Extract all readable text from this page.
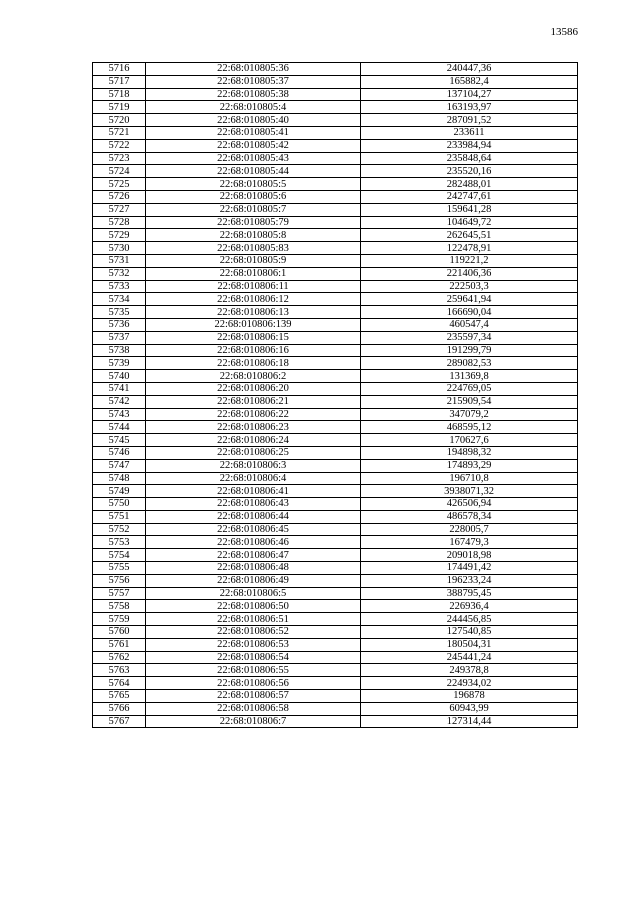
13586
5716	22:68:010805:36	240447,36
5717	22:68:010805:37	165882,4
5718	22:68:010805:38	137104,27
5719	22:68:010805:4	163193,97
5720	22:68:010805:40	287091,52
5721	22:68:010805:41	233611
5722	22:68:010805:42	233984,94
5723	22:68:010805:43	235848,64
5724	22:68:010805:44	235520,16
5725	22:68:010805:5	282488,01
5726	22:68:010805:6	242747,61
5727	22:68:010805:7	159641,28
5728	22:68:010805:79	104649,72
5729	22:68:010805:8	262645,51
5730	22:68:010805:83	122478,91
5731	22:68:010805:9	119221,2
5732	22:68:010806:1	221406,36
5733	22:68:010806:11	222503,3
5734	22:68:010806:12	259641,94
5735	22:68:010806:13	166690,04
5736	22:68:010806:139	460547,4
5737	22:68:010806:15	235597,34
5738	22:68:010806:16	191299,79
5739	22:68:010806:18	289082,53
5740	22:68:010806:2	131369,8
5741	22:68:010806:20	224769,05
5742	22:68:010806:21	215909,54
5743	22:68:010806:22	347079,2
5744	22:68:010806:23	468595,12
5745	22:68:010806:24	170627,6
5746	22:68:010806:25	194898,32
5747	22:68:010806:3	174893,29
5748	22:68:010806:4	196710,8
5749	22:68:010806:41	3938071,32
5750	22:68:010806:43	426506,94
5751	22:68:010806:44	486578,34
5752	22:68:010806:45	228005,7
5753	22:68:010806:46	167479,3
5754	22:68:010806:47	209018,98
5755	22:68:010806:48	174491,42
5756	22:68:010806:49	196233,24
5757	22:68:010806:5	388795,45
5758	22:68:010806:50	226936,4
5759	22:68:010806:51	244456,85
5760	22:68:010806:52	127540,85
5761	22:68:010806:53	180504,31
5762	22:68:010806:54	245441,24
5763	22:68:010806:55	249378,8
5764	22:68:010806:56	224934,02
5765	22:68:010806:57	196878
5766	22:68:010806:58	60943,99
5767	22:68:010806:7	127314,44
